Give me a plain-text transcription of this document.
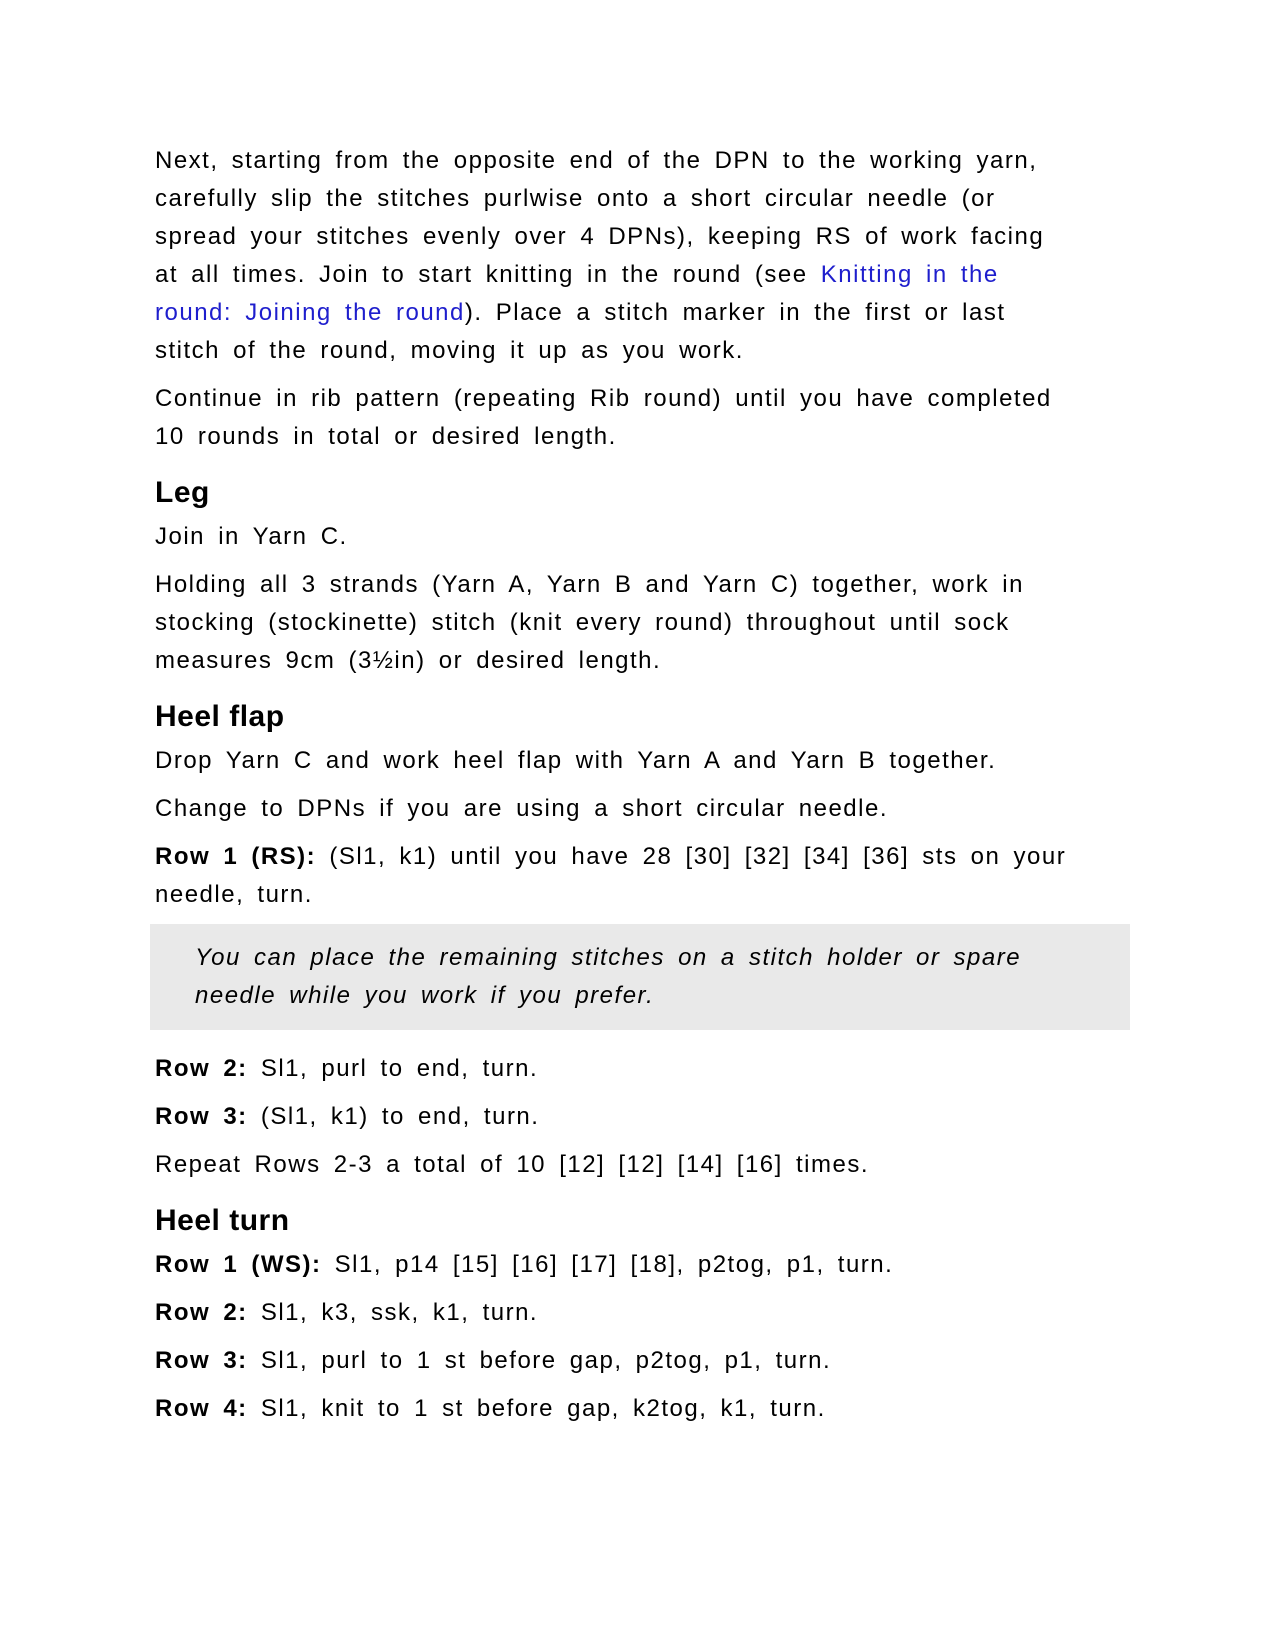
Next, starting from the opposite end of the DPN to the working yarn, carefully slip the stitches purlwise onto a short circular needle (or spread your stitches evenly over 4 DPNs), keeping RS of work facing at all times. Join to start knitting in the round (see Knitting in the round: Joining the round). Place a stitch marker in the first or last stitch of the round, moving it up as you work.

Continue in rib pattern (repeating Rib round) until you have completed 10 rounds in total or desired length.

Leg

Join in Yarn C.

Holding all 3 strands (Yarn A, Yarn B and Yarn C) together, work in stocking (stockinette) stitch (knit every round) throughout until sock measures 9cm (3½in) or desired length.

Heel flap

Drop Yarn C and work heel flap with Yarn A and Yarn B together.

Change to DPNs if you are using a short circular needle.

Row 1 (RS): (Sl1, k1) until you have 28 [30] [32] [34] [36] sts on your needle, turn.

You can place the remaining stitches on a stitch holder or spare needle while you work if you prefer.

Row 2: Sl1, purl to end, turn.

Row 3: (Sl1, k1) to end, turn.

Repeat Rows 2-3 a total of 10 [12] [12] [14] [16] times.

Heel turn

Row 1 (WS): Sl1, p14 [15] [16] [17] [18], p2tog, p1, turn.

Row 2: Sl1, k3, ssk, k1, turn.

Row 3: Sl1, purl to 1 st before gap, p2tog, p1, turn.

Row 4: Sl1, knit to 1 st before gap, k2tog, k1, turn.
